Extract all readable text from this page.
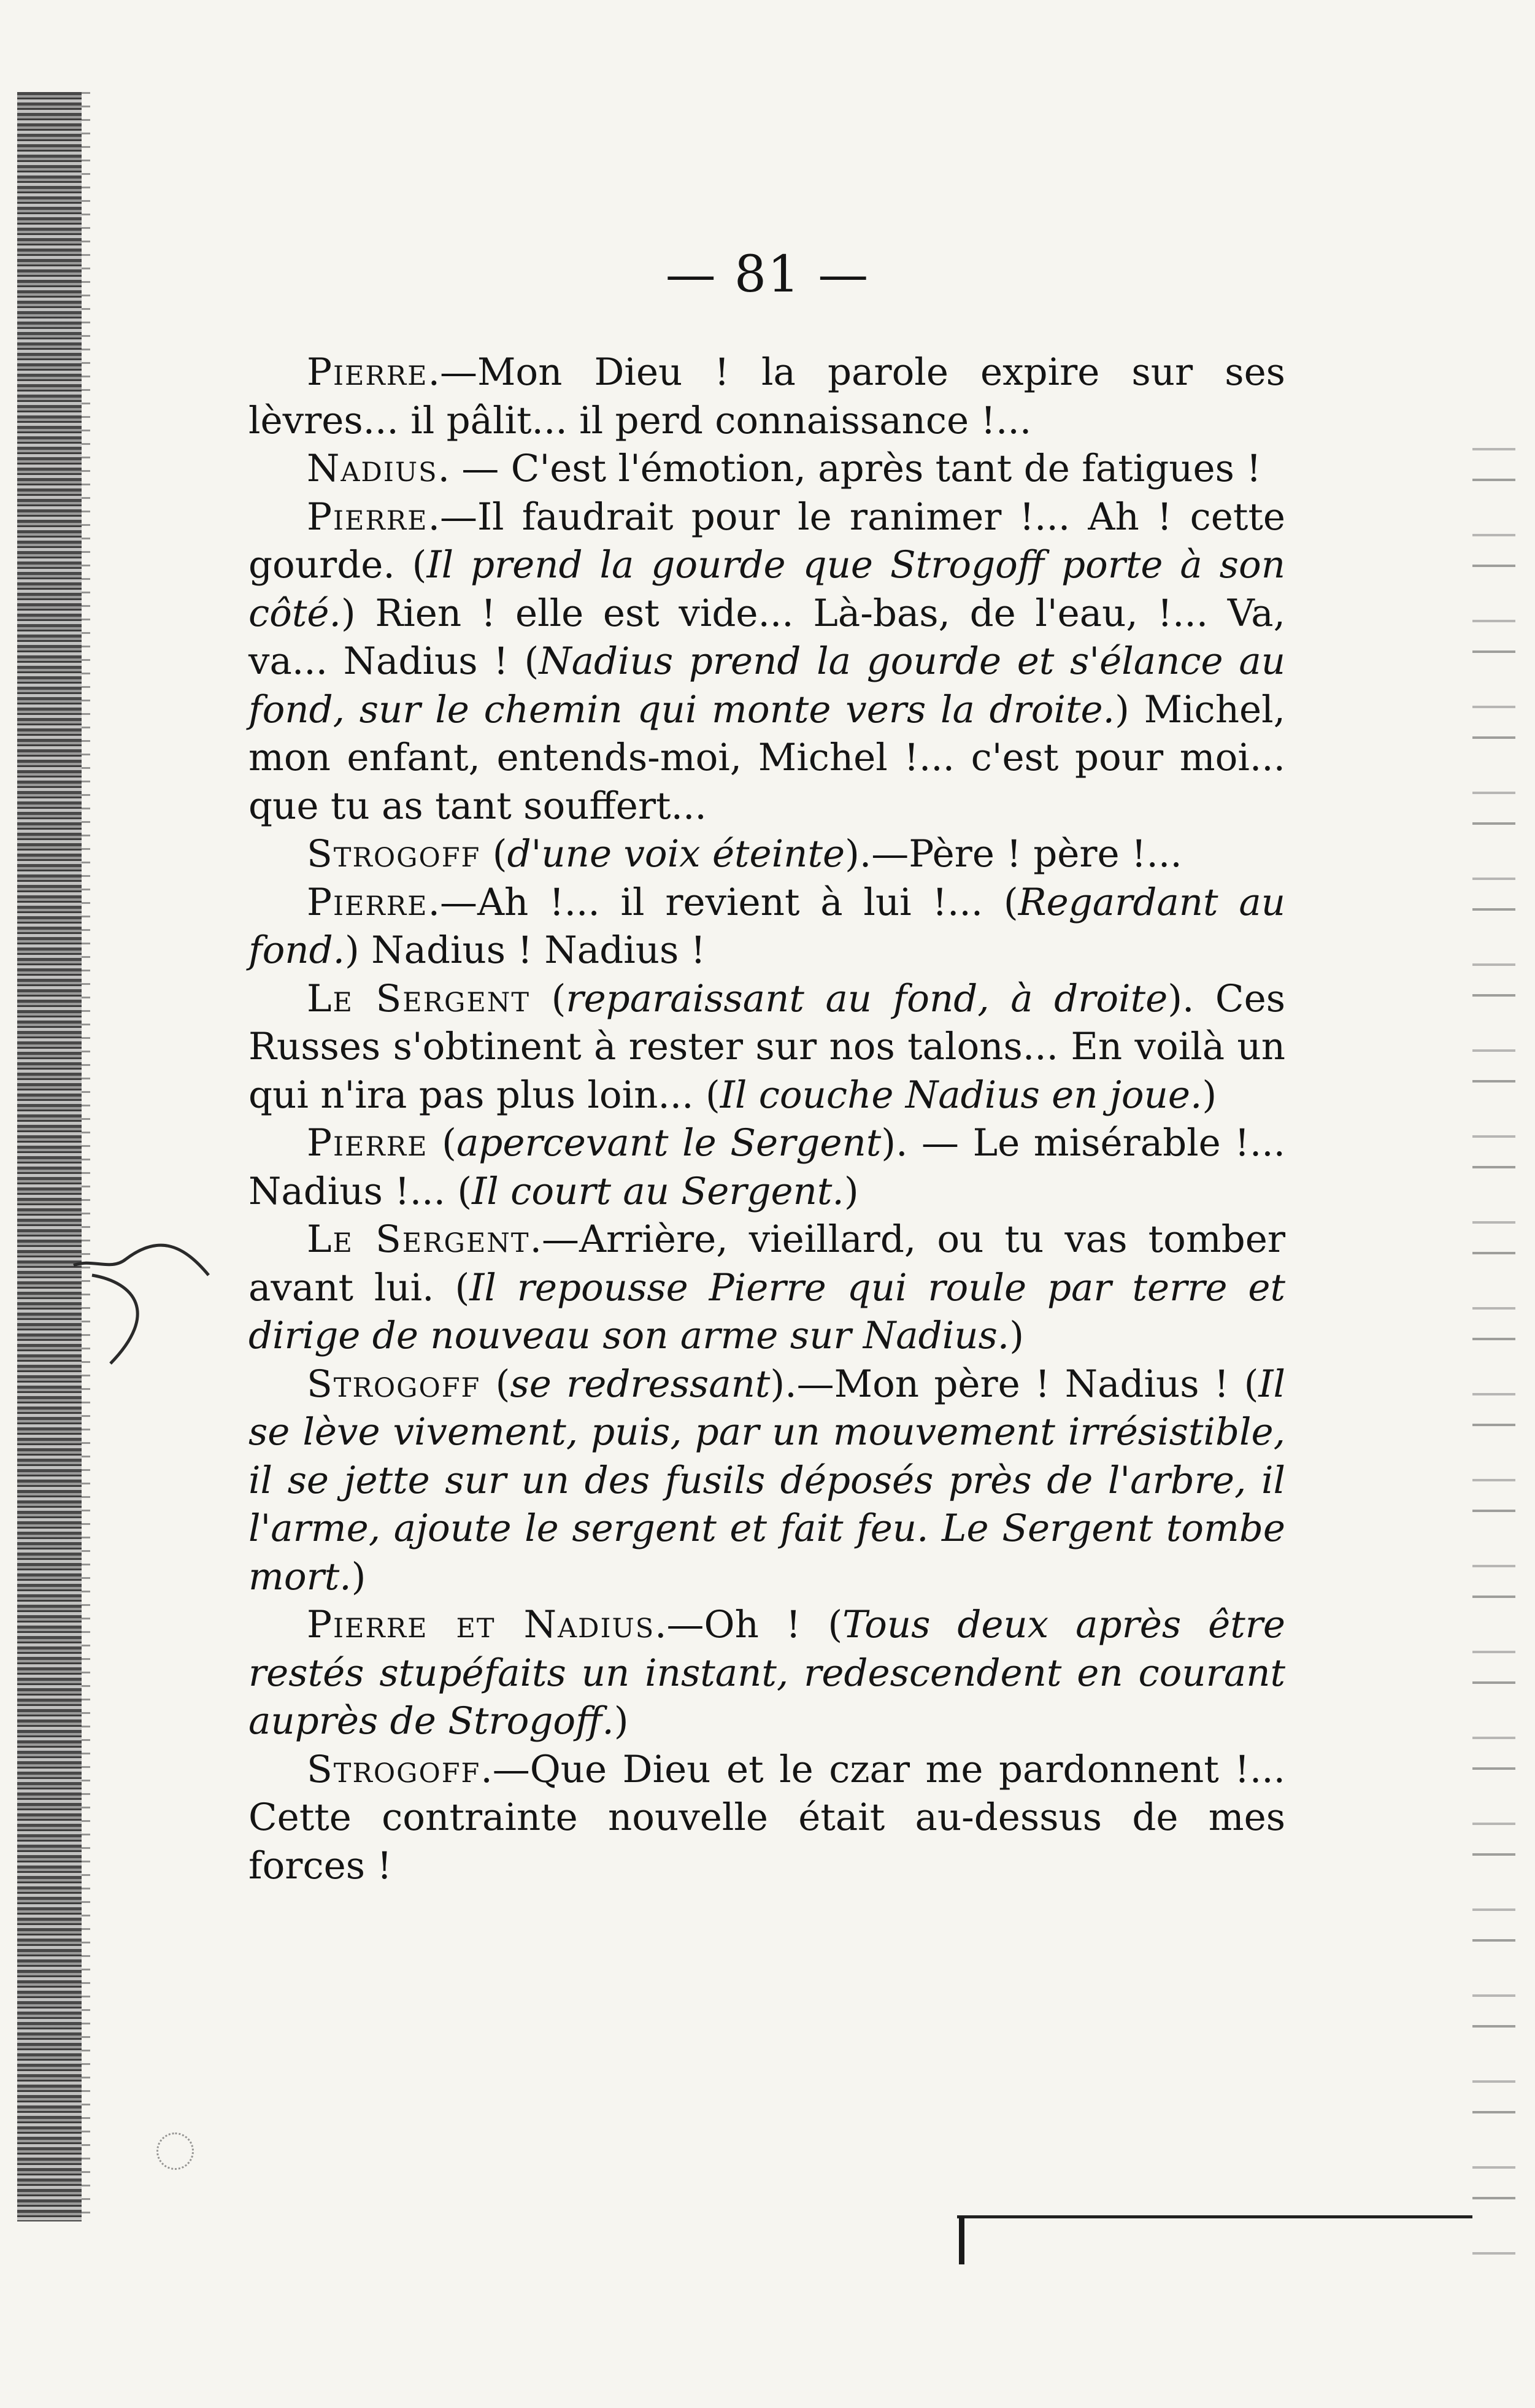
— 81 —

Pierre.—Mon Dieu ! la parole expire sur ses lèvres... il pâlit... il perd connaissance !...

Nadius. — C'est l'émotion, après tant de fatigues !

Pierre.—Il faudrait pour le ranimer !... Ah ! cette gourde. (Il prend la gourde que Strogoff porte à son côté.) Rien ! elle est vide... Là-bas, de l'eau, !... Va, va... Nadius ! (Nadius prend la gourde et s'élance au fond, sur le chemin qui monte vers la droite.) Michel, mon enfant, entends-moi, Michel !... c'est pour moi... que tu as tant souffert...

Strogoff (d'une voix éteinte).—Père ! père !...

Pierre.—Ah !... il revient à lui !... (Regardant au fond.) Nadius ! Nadius !

Le Sergent (reparaissant au fond, à droite). Ces Russes s'obtinent à rester sur nos talons... En voilà un qui n'ira pas plus loin... (Il couche Nadius en joue.)

Pierre (apercevant le Sergent). — Le misérable !... Nadius !... (Il court au Sergent.)

Le Sergent.—Arrière, vieillard, ou tu vas tomber avant lui. (Il repousse Pierre qui roule par terre et dirige de nouveau son arme sur Nadius.)

Strogoff (se redressant).—Mon père ! Nadius ! (Il se lève vivement, puis, par un mouvement irrésistible, il se jette sur un des fusils déposés près de l'arbre, il l'arme, ajoute le sergent et fait feu. Le Sergent tombe mort.)

Pierre et Nadius.—Oh ! (Tous deux après être restés stupéfaits un instant, redescendent en courant auprès de Strogoff.)

Strogoff.—Que Dieu et le czar me pardonnent !... Cette contrainte nouvelle était au-dessus de mes forces !
